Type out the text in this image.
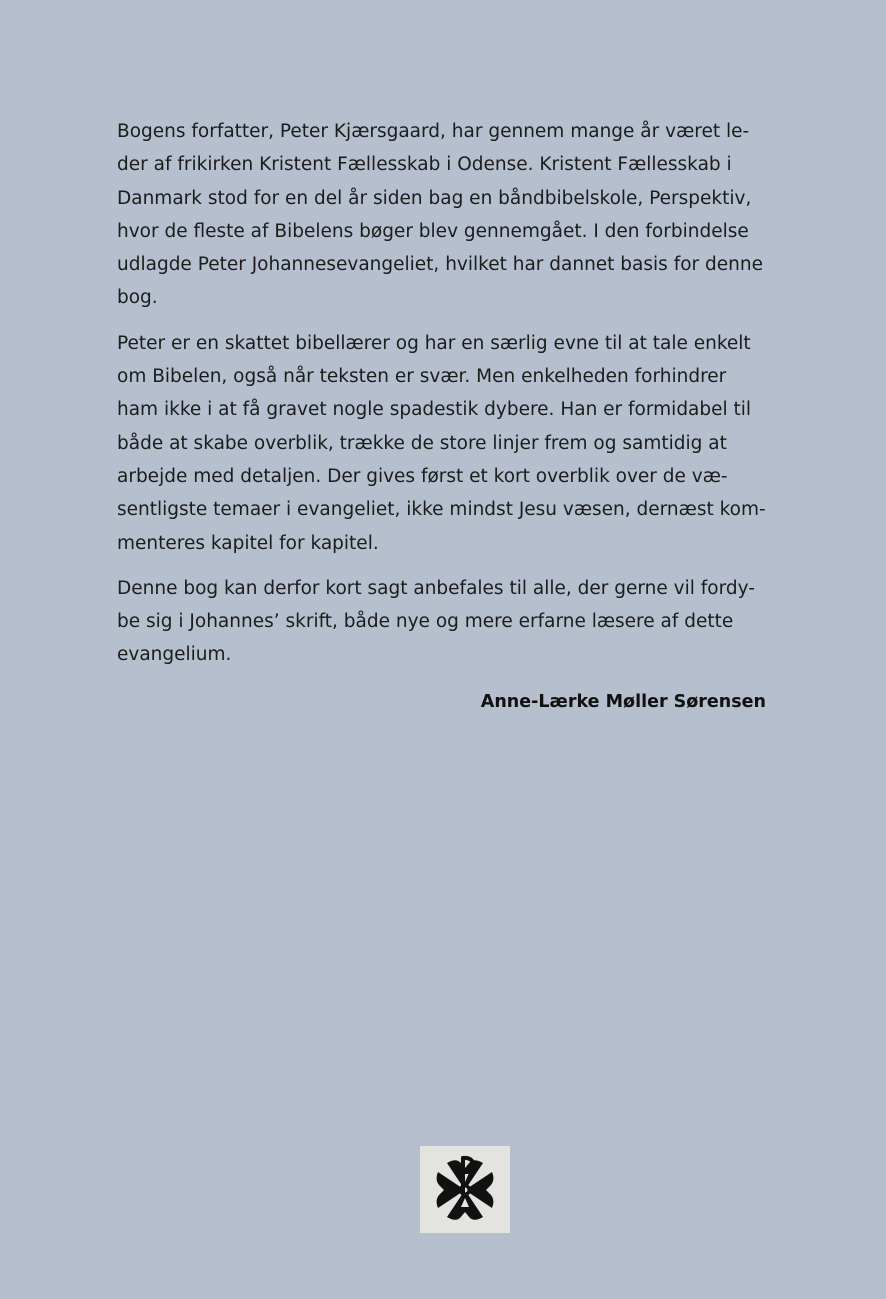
Bogens forfatter, Peter Kjærsgaard, har gennem mange år været le-
der af frikirken Kristent Fællesskab i Odense. Kristent Fællesskab i
Danmark stod for en del år siden bag en båndbibelskole, Perspektiv,
hvor de fleste af Bibelens bøger blev gennemgået. I den forbindelse
udlagde Peter Johannesevangeliet, hvilket har dannet basis for denne
bog.

Peter er en skattet bibellærer og har en særlig evne til at tale enkelt
om Bibelen, også når teksten er svær. Men enkelheden forhindrer
ham ikke i at få gravet nogle spadestik dybere. Han er formidabel til
både at skabe overblik, trække de store linjer frem og samtidig at
arbejde med detaljen. Der gives først et kort overblik over de væ-
sentligste temaer i evangeliet, ikke mindst Jesu væsen, dernæst kom-
menteres kapitel for kapitel.

Denne bog kan derfor kort sagt anbefales til alle, der gerne vil fordy-
be sig i Johannes’ skrift, både nye og mere erfarne læsere af dette
evangelium.

Anne-Lærke Møller Sørensen
